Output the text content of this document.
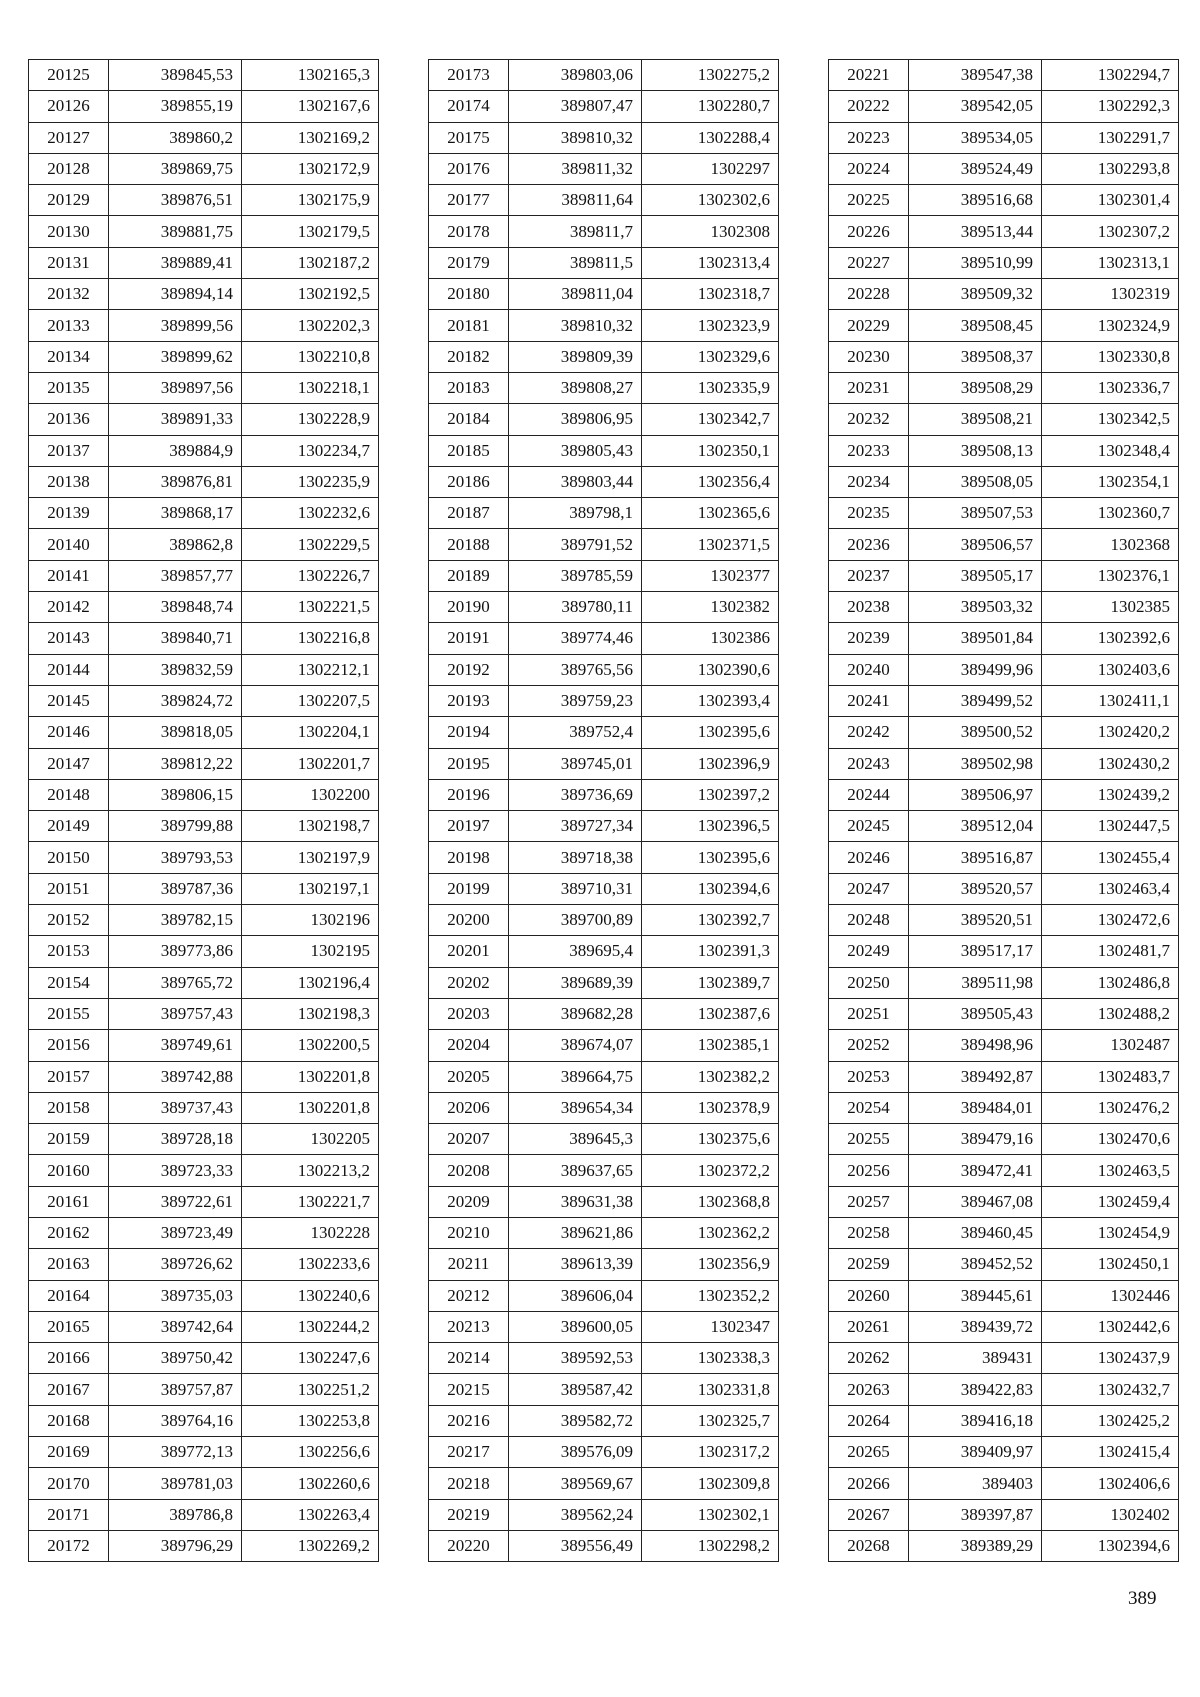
20125	389845,53	1302165,3
20126	389855,19	1302167,6
20127	389860,2	1302169,2
20128	389869,75	1302172,9
20129	389876,51	1302175,9
20130	389881,75	1302179,5
20131	389889,41	1302187,2
20132	389894,14	1302192,5
20133	389899,56	1302202,3
20134	389899,62	1302210,8
20135	389897,56	1302218,1
20136	389891,33	1302228,9
20137	389884,9	1302234,7
20138	389876,81	1302235,9
20139	389868,17	1302232,6
20140	389862,8	1302229,5
20141	389857,77	1302226,7
20142	389848,74	1302221,5
20143	389840,71	1302216,8
20144	389832,59	1302212,1
20145	389824,72	1302207,5
20146	389818,05	1302204,1
20147	389812,22	1302201,7
20148	389806,15	1302200
20149	389799,88	1302198,7
20150	389793,53	1302197,9
20151	389787,36	1302197,1
20152	389782,15	1302196
20153	389773,86	1302195
20154	389765,72	1302196,4
20155	389757,43	1302198,3
20156	389749,61	1302200,5
20157	389742,88	1302201,8
20158	389737,43	1302201,8
20159	389728,18	1302205
20160	389723,33	1302213,2
20161	389722,61	1302221,7
20162	389723,49	1302228
20163	389726,62	1302233,6
20164	389735,03	1302240,6
20165	389742,64	1302244,2
20166	389750,42	1302247,6
20167	389757,87	1302251,2
20168	389764,16	1302253,8
20169	389772,13	1302256,6
20170	389781,03	1302260,6
20171	389786,8	1302263,4
20172	389796,29	1302269,2
20173	389803,06	1302275,2
20174	389807,47	1302280,7
20175	389810,32	1302288,4
20176	389811,32	1302297
20177	389811,64	1302302,6
20178	389811,7	1302308
20179	389811,5	1302313,4
20180	389811,04	1302318,7
20181	389810,32	1302323,9
20182	389809,39	1302329,6
20183	389808,27	1302335,9
20184	389806,95	1302342,7
20185	389805,43	1302350,1
20186	389803,44	1302356,4
20187	389798,1	1302365,6
20188	389791,52	1302371,5
20189	389785,59	1302377
20190	389780,11	1302382
20191	389774,46	1302386
20192	389765,56	1302390,6
20193	389759,23	1302393,4
20194	389752,4	1302395,6
20195	389745,01	1302396,9
20196	389736,69	1302397,2
20197	389727,34	1302396,5
20198	389718,38	1302395,6
20199	389710,31	1302394,6
20200	389700,89	1302392,7
20201	389695,4	1302391,3
20202	389689,39	1302389,7
20203	389682,28	1302387,6
20204	389674,07	1302385,1
20205	389664,75	1302382,2
20206	389654,34	1302378,9
20207	389645,3	1302375,6
20208	389637,65	1302372,2
20209	389631,38	1302368,8
20210	389621,86	1302362,2
20211	389613,39	1302356,9
20212	389606,04	1302352,2
20213	389600,05	1302347
20214	389592,53	1302338,3
20215	389587,42	1302331,8
20216	389582,72	1302325,7
20217	389576,09	1302317,2
20218	389569,67	1302309,8
20219	389562,24	1302302,1
20220	389556,49	1302298,2
20221	389547,38	1302294,7
20222	389542,05	1302292,3
20223	389534,05	1302291,7
20224	389524,49	1302293,8
20225	389516,68	1302301,4
20226	389513,44	1302307,2
20227	389510,99	1302313,1
20228	389509,32	1302319
20229	389508,45	1302324,9
20230	389508,37	1302330,8
20231	389508,29	1302336,7
20232	389508,21	1302342,5
20233	389508,13	1302348,4
20234	389508,05	1302354,1
20235	389507,53	1302360,7
20236	389506,57	1302368
20237	389505,17	1302376,1
20238	389503,32	1302385
20239	389501,84	1302392,6
20240	389499,96	1302403,6
20241	389499,52	1302411,1
20242	389500,52	1302420,2
20243	389502,98	1302430,2
20244	389506,97	1302439,2
20245	389512,04	1302447,5
20246	389516,87	1302455,4
20247	389520,57	1302463,4
20248	389520,51	1302472,6
20249	389517,17	1302481,7
20250	389511,98	1302486,8
20251	389505,43	1302488,2
20252	389498,96	1302487
20253	389492,87	1302483,7
20254	389484,01	1302476,2
20255	389479,16	1302470,6
20256	389472,41	1302463,5
20257	389467,08	1302459,4
20258	389460,45	1302454,9
20259	389452,52	1302450,1
20260	389445,61	1302446
20261	389439,72	1302442,6
20262	389431	1302437,9
20263	389422,83	1302432,7
20264	389416,18	1302425,2
20265	389409,97	1302415,4
20266	389403	1302406,6
20267	389397,87	1302402
20268	389389,29	1302394,6
389
